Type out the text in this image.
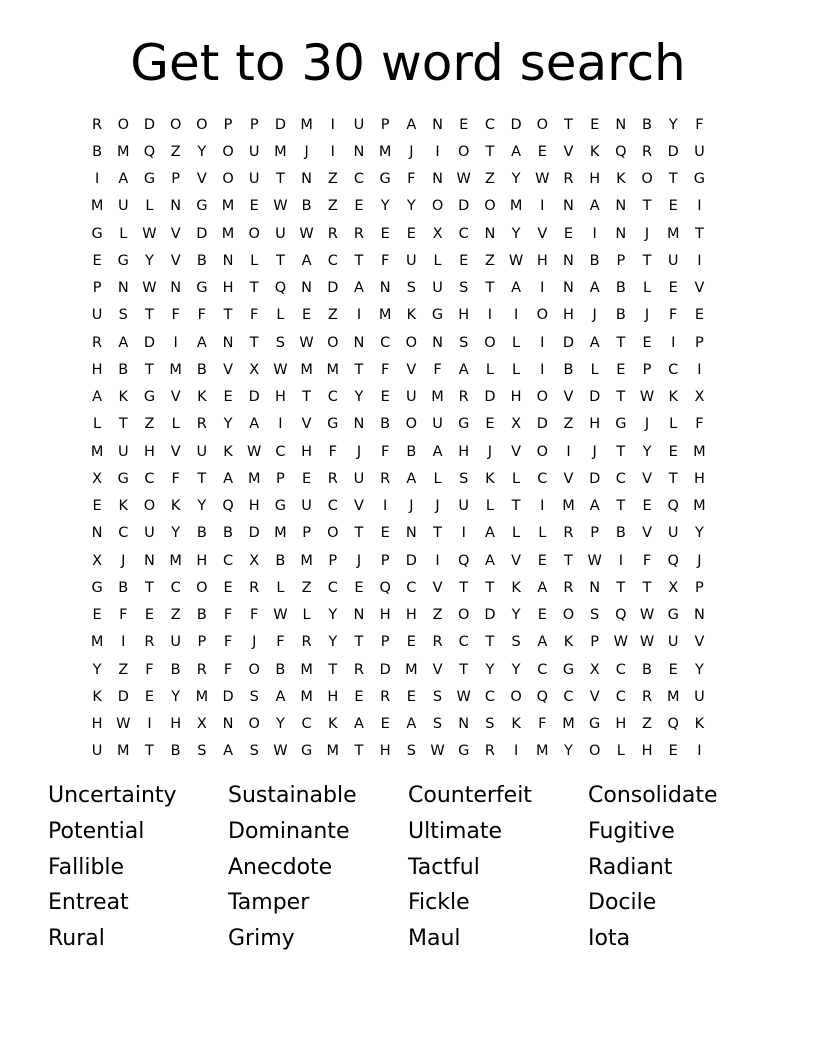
Get to 30 word search
R	O	D	O	O	P	P	D M	I	U	P	A	N	E	C	D	O	T	E	N	B	Y	F
B	M Q	Z	Y	O	U	M	J	I	N	M	J	I	O	T	A	E	V	K	Q	R	D	U
I	A	G	P	V	O	U	T	N	Z	C	G	F	N W Z	Y	W R	H	K	O	T	G
M	U	L	N	G M	E W B	Z	E	Y	Y	O	D	O M	I	N	A	N	T	E	I
G	L	W V	D M O	U W R	R	E	E	X	C	N	Y	V	E	I	N	J	M	T
E	G	Y	V	B	N	L	T	A	C	T	F	U	L	E	Z W H	N	B	P	T	U	I
P	N W N	G	H	T	Q	N	D	A	N	S	U	S	T	A	I	N	A	B	L	E	V
U	S	T	F	F	T	F	L	E	Z	I	M	K	G	H	I	I	O	H	J	B	J	F	E
R	A	D	I	A	N	T	S W O	N	C	O	N	S	O	L	I	D	A	T	E	I	P
H	B	T	M	B	V	X W M M	T	F	V	F	A	L	L	I	B	L	E	P	C	I
A	K	G	V	K	E	D	H	T	C	Y	E	U	M	R	D	H	O	V	D	T	W K	X
L	T	Z	L	R	Y	A	I	V	G	N	B	O	U	G	E	X	D	Z	H	G	J	L	F
M	U	H	V	U	K W C	H	F	J	F	B	A	H	J	V	O	I	J	T	Y	E	M
X	G	C	F	T	A	M	P	E	R	U	R	A	L	S	K	L	C	V	D	C	V	T	H
E	K	O	K	Y	Q	H	G	U	C	V	I	J	J	U	L	T	I	M	A	T	E	Q M
N	C	U	Y	B	B	D M	P	O	T	E	N	T	I	A	L	L	R	P	B	V	U	Y
X	J	N	M H	C	X	B	M	P	J	P	D	I	Q	A	V	E	T	W	I	F	Q	J
G	B	T	C	O	E	R	L	Z	C	E	Q	C	V	T	T	K	A	R	N	T	T	X	P
E	F	E	Z	B	F	F	W	L	Y	N	H	H	Z	O	D	Y	E	O	S	Q W G	N
M	I	R	U	P	F	J	F	R	Y	T	P	E	R	C	T	S	A	K	P	W W U	V
Y	Z	F	B	R	F	O	B	M	T	R	D M	V	T	Y	Y	C	G	X	C	B	E	Y
K	D	E	Y	M D	S	A	M H	E	R	E	S W C	O	Q	C	V	C	R	M	U
H W	I	H	X	N	O	Y	C	K	A	E	A	S	N	S	K	F	M G	H	Z	Q	K
U	M	T	B	S	A	S W G M	T	H	S W G	R	I	M	Y	O	L	H	E	I
Uncertainty	Sustainable	Counterfeit	Consolidate
Potential	Dominante	Ultimate	Fugitive
Fallible	Anecdote	Tactful	Radiant
Entreat	Tamper	Fickle	Docile
Rural	Grimy	Maul	Iota
